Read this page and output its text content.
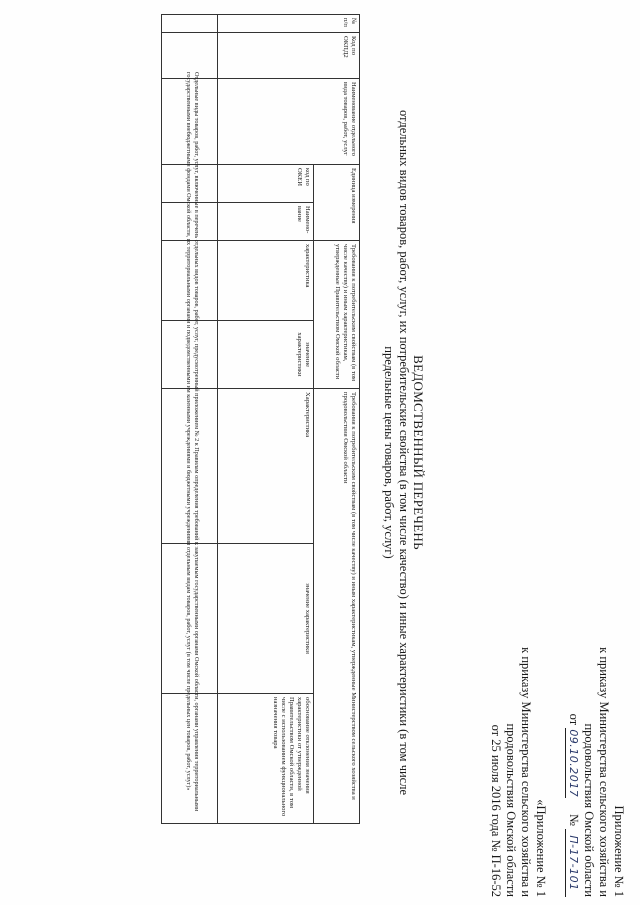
Приложение № 1
к приказу Министерства сельского хозяйства и
продовольствия Омской области
от 09.10.2017     № П-17-101
«Приложение № 1
к приказу Министерства сельского хозяйства и
продовольствия Омской области
от 25 июля 2016 года № П-16-52
ВЕДОМСТВЕННЫЙ ПЕРЕЧЕНЬ
отдельных видов товаров, работ, услуг, их потребительские свойства (в том числе качество) и иные характеристики (в том числе
предельные цены товаров, работ, услуг)
№ п/п	Код по ОКПД2	Наименование отдельного вида товаров, работ, услуг	Единица измерения		Требования к потребительским свойствам (в том числе качеству) и иным характеристикам, утвержденные Правительством Омской области		Требования к потребительским свойствам (в том числе качеству) и иным характеристикам, утвержденные Министерством сельского хозяйства и продовольствия Омской области		
			код по ОКЕИ	Наимено-вание	характеристика	значение характеристики	Характеристика	значение характеристики	обоснование отклонения значения характеристики от утвержденной Правительством Омской области, в том числе с использованием функционального назначения товара

Отдельные виды товаров, работ, услуг, включенные в перечень отдельных видов товаров, работ, услуг, предусмотренный приложением № 2 к Правилам определения требований к закупаемым государственными органами Омской области, органами управления территориальными государственными внебюджетными фондами Омской области, их территориальными органами и подведомственными им казенными учреждениями и бюджетными учреждениями отдельным видам товаров, работ, услуг (в том числе предельных цен товаров, работ, услуг)»
